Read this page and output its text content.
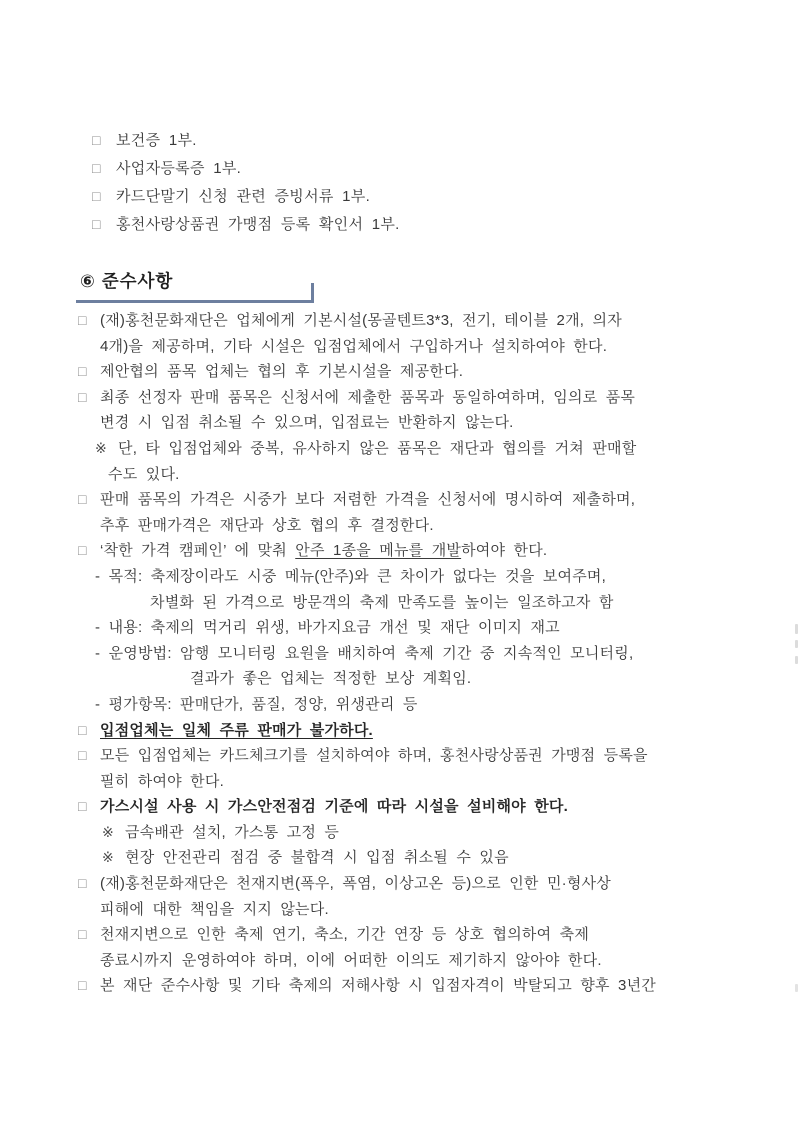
□ 보건증 1부.
□ 사업자등록증 1부.
□ 카드단말기 신청 관련 증빙서류 1부.
□ 홍천사랑상품권 가맹점 등록 확인서 1부.
⑥ 준수사항
□ (재)홍천문화재단은 업체에게 기본시설(몽골텐트3*3, 전기, 테이블 2개, 의자
4개)을 제공하며, 기타 시설은 입점업체에서 구입하거나 설치하여야 한다.
□ 제안협의 품목 업체는 협의 후 기본시설을 제공한다.
□ 최종 선정자 판매 품목은 신청서에 제출한 품목과 동일하여하며, 임의로 품목
변경 시 입점 취소될 수 있으며, 입점료는 반환하지 않는다.
※ 단, 타 입점업체와 중복, 유사하지 않은 품목은 재단과 협의를 거쳐 판매할
수도 있다.
□ 판매 품목의 가격은 시중가 보다 저렴한 가격을 신청서에 명시하여 제출하며,
추후 판매가격은 재단과 상호 협의 후 결정한다.
□ ‘착한 가격 캠페인’ 에 맞춰 안주 1종을 메뉴를 개발하여야 한다.
- 목적: 축제장이라도 시중 메뉴(안주)와 큰 차이가 없다는 것을 보여주며,
차별화 된 가격으로 방문객의 축제 만족도를 높이는 일조하고자 함
- 내용: 축제의 먹거리 위생, 바가지요금 개선 및 재단 이미지 재고
- 운영방법: 암행 모니터링 요원을 배치하여 축제 기간 중 지속적인 모니터링,
결과가 좋은 업체는 적정한 보상 계획임.
- 평가항목: 판매단가, 품질, 정양, 위생관리 등
□ 입점업체는 일체 주류 판매가 불가하다.
□ 모든 입점업체는 카드체크기를 설치하여야 하며, 홍천사랑상품권 가맹점 등록을
필히 하여야 한다.
□ 가스시설 사용 시 가스안전점검 기준에 따라 시설을 설비해야 한다.
※ 금속배관 설치, 가스통 고정 등
※ 현장 안전관리 점검 중 불합격 시 입점 취소될 수 있음
□ (재)홍천문화재단은 천재지변(폭우, 폭염, 이상고온 등)으로 인한 민·형사상
피해에 대한 책임을 지지 않는다.
□ 천재지변으로 인한 축제 연기, 축소, 기간 연장 등 상호 협의하여 축제
종료시까지 운영하여야 하며, 이에 어떠한 이의도 제기하지 않아야 한다.
□ 본 재단 준수사항 및 기타 축제의 저해사항 시 입점자격이 박탈되고 향후 3년간
